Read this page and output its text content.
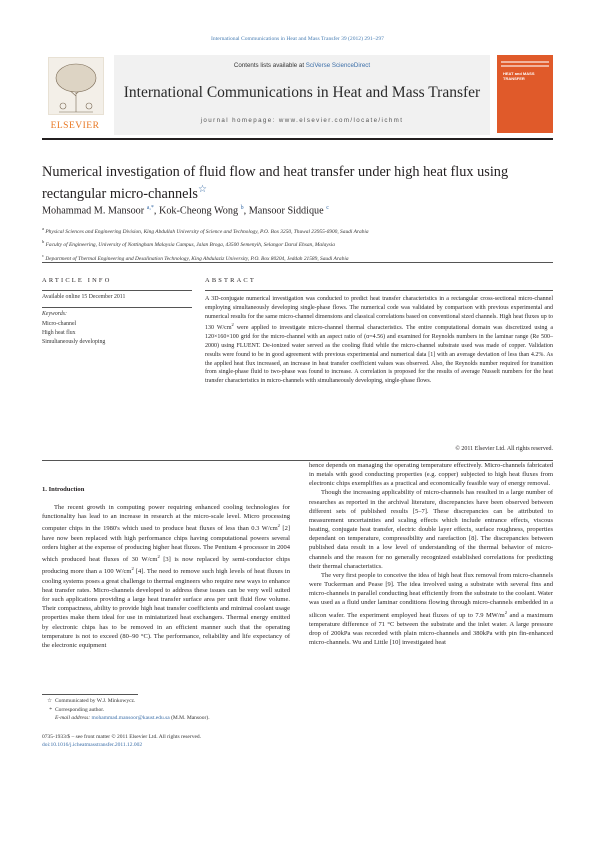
International Communications in Heat and Mass Transfer 39 (2012) 291–297
ELSEVIER
Contents lists available at SciVerse ScienceDirect
International Communications in Heat and Mass Transfer
journal homepage: www.elsevier.com/locate/ichmt
HEAT and MASS TRANSFER
Numerical investigation of fluid flow and heat transfer under high heat flux using rectangular micro-channels☆
Mohammad M. Mansoor $^{a,*}$, Kok-Cheong Wong $^b$, Mansoor Siddique $^c$
$^a$ Physical Sciences and Engineering Division, King Abdullah University of Science and Technology, P.O. Box 3250, Thuwal 23955-6900, Saudi Arabia
$^b$ Faculty of Engineering, University of Nottingham Malaysia Campus, Jalan Broga, 43500 Semenyih, Selangor Darul Ehsan, Malaysia
$^c$ Department of Thermal Engineering and Desalination Technology, King Abdulaziz University, P.O. Box 80204, Jeddah 21589, Saudi Arabia
ARTICLE INFO
Available online 15 December 2011
Keywords:
Micro-channel
High heat flux
Simultaneously developing
ABSTRACT
A 3D-conjugate numerical investigation was conducted to predict heat transfer characteristics in a rectangular cross-sectional micro-channel employing simultaneously developing single-phase flows. The numerical code was validated by comparison with previous experimental and numerical results for the same micro-channel dimensions and classical correlations based on conventional sized channels. High heat fluxes up to 130 $W/cm^2$ were applied to investigate micro-channel thermal characteristics. The entire computational domain was discretized using a 120×160×100 grid for the micro-channel with an aspect ratio of (α=4.56) and examined for Reynolds numbers in the laminar range (Re 500–2000) using FLUENT. De-ionized water served as the cooling fluid while the micro-channel substrate used was made of copper. Validation results were found to be in good agreement with previous experimental and numerical data [1] with an average deviation of less than 4.2%. As the applied heat flux increased, an increase in heat transfer coefficient values was observed. Also, the Reynolds number required for transition from single-phase fluid to two-phase was found to increase. A correlation is proposed for the results of average Nusselt numbers for the heat transfer characteristics in micro-channels with simultaneously developing, single-phase flows.
© 2011 Elsevier Ltd. All rights reserved.

1. Introduction

The recent growth in computing power requiring enhanced cooling technologies for functionality has lead to an increase in research at the micro-scale level. Micro processing computer chips in the 1980's which used to produce heat fluxes of less than 0.3 $W/cm^2$ [2] have now been replaced with high performance chips having computational powers several orders higher at the expense of producing higher heat fluxes. The Pentium 4 processor in 2004 which produced heat fluxes of 30 $W/cm^2$ [3] is now replaced by semi-conductor chips producing more than a 100 $W/cm^2$ [4]. The need to remove such high levels of heat fluxes in cooling systems poses a great challenge to thermal engineers who require new ways to enhance heat transfer rates. Micro-channels developed to address these issues can be very well suited for such applications providing a large heat transfer surface area per unit fluid flow volume. Their compactness, ability to provide high heat transfer coefficients and minimal coolant usage properties make them ideal for use in miniaturized heat exchangers. Thermal energy emitted by electronic chips has to be removed in an efficient manner such that the operating temperature is not to exceed (80–90 °C). The performance, reliability and life expectancy of the electronic equipment

hence depends on managing the operating temperature effectively. Micro-channels fabricated in metals with good conducting properties (e.g. copper) subjected to high heat fluxes from electronic chips exemplifies as a practical and economically feasible way of energy removal.

Though the increasing applicability of micro-channels has resulted in a large number of researches as reported in the archival literature, discrepancies have been observed between different sets of published results [5–7]. These discrepancies can be attributed to measurement uncertainties and scaling effects which include entrance effects, viscous heating, conjugate heat transfer, electric double layer effects, surface roughness, properties dependant on temperature, compressibility and rarefaction [8]. The discrepancies between published data result in a low level of understanding of the thermal behavior of micro-channels and the reason for no generally recognized established correlations for predicting their thermal characteristics.

The very first people to conceive the idea of high heat flux removal from micro-channels were Tuckerman and Pease [9]. The idea involved using a substrate with several fins and micro-channels in parallel conducting heat efficiently from the substrate to the coolant. Water was used as a fluid under laminar conditions flowing through micro-channels embedded in a silicon wafer. The experiment employed heat fluxes of up to 7.9 $MW/m^2$ and a maximum temperature difference of 71 °C between the substrate and the inlet water. A large pressure drop of 200kPa was recorded with plain micro-channels and 380kPa with pin fin-enhanced micro-channels. Wu and Little [10] investigated heat

☆ Communicated by W.J. Minkowycz.
* Corresponding author.
E-mail address: mohammad.mansoor@kaust.edu.sa (M.M. Mansoor).
0735-1933/$ – see front matter © 2011 Elsevier Ltd. All rights reserved.
doi:10.1016/j.icheatmasstransfer.2011.12.002
